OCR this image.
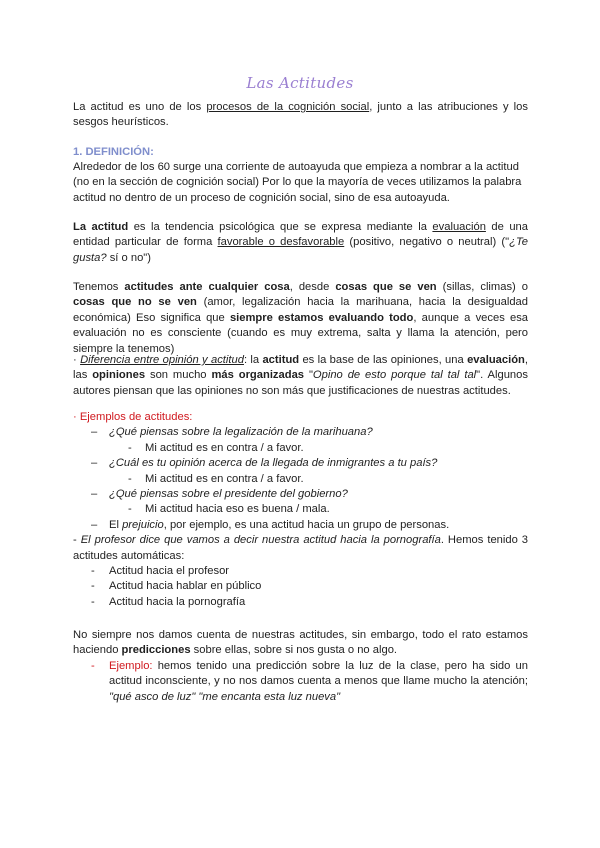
Las Actitudes

La actitud es uno de los procesos de la cognición social, junto a las atribuciones y los sesgos heurísticos.

1. DEFINICIÓN:

Alrededor de los 60 surge una corriente de autoayuda que empieza a nombrar a la actitud (no en la sección de cognición social) Por lo que la mayoría de veces utilizamos la palabra actitud no dentro de un proceso de cognición social, sino de esa autoayuda.

La actitud es la tendencia psicológica que se expresa mediante la evaluación de una entidad particular de forma favorable o desfavorable (positivo, negativo o neutral) ("¿Te gusta? sí o no")

Tenemos actitudes ante cualquier cosa, desde cosas que se ven (sillas, climas) o cosas que no se ven (amor, legalización hacia la marihuana, hacia la desigualdad económica) Eso significa que siempre estamos evaluando todo, aunque a veces esa evaluación no es consciente (cuando es muy extrema, salta y llama la atención, pero siempre la tenemos)

· Diferencia entre opinión y actitud: la actitud es la base de las opiniones, una evaluación, las opiniones son mucho más organizadas "Opino de esto porque tal tal tal". Algunos autores piensan que las opiniones no son más que justificaciones de nuestras actitudes.

· Ejemplos de actitudes:
– ¿Qué piensas sobre la legalización de la marihuana?
- Mi actitud es en contra / a favor.
– ¿Cuál es tu opinión acerca de la llegada de inmigrantes a tu país?
- Mi actitud es en contra / a favor.
– ¿Qué piensas sobre el presidente del gobierno?
- Mi actitud hacia eso es buena / mala.
– El prejuicio, por ejemplo, es una actitud hacia un grupo de personas.
- El profesor dice que vamos a decir nuestra actitud hacia la pornografía. Hemos tenido 3 actitudes automáticas:
- Actitud hacia el profesor
- Actitud hacia hablar en público
- Actitud hacia la pornografía

No siempre nos damos cuenta de nuestras actitudes, sin embargo, todo el rato estamos haciendo predicciones sobre ellas, sobre si nos gusta o no algo.

- Ejemplo: hemos tenido una predicción sobre la luz de la clase, pero ha sido un actitud inconsciente, y no nos damos cuenta a menos que llame mucho la atención; "qué asco de luz" "me encanta esta luz nueva"
